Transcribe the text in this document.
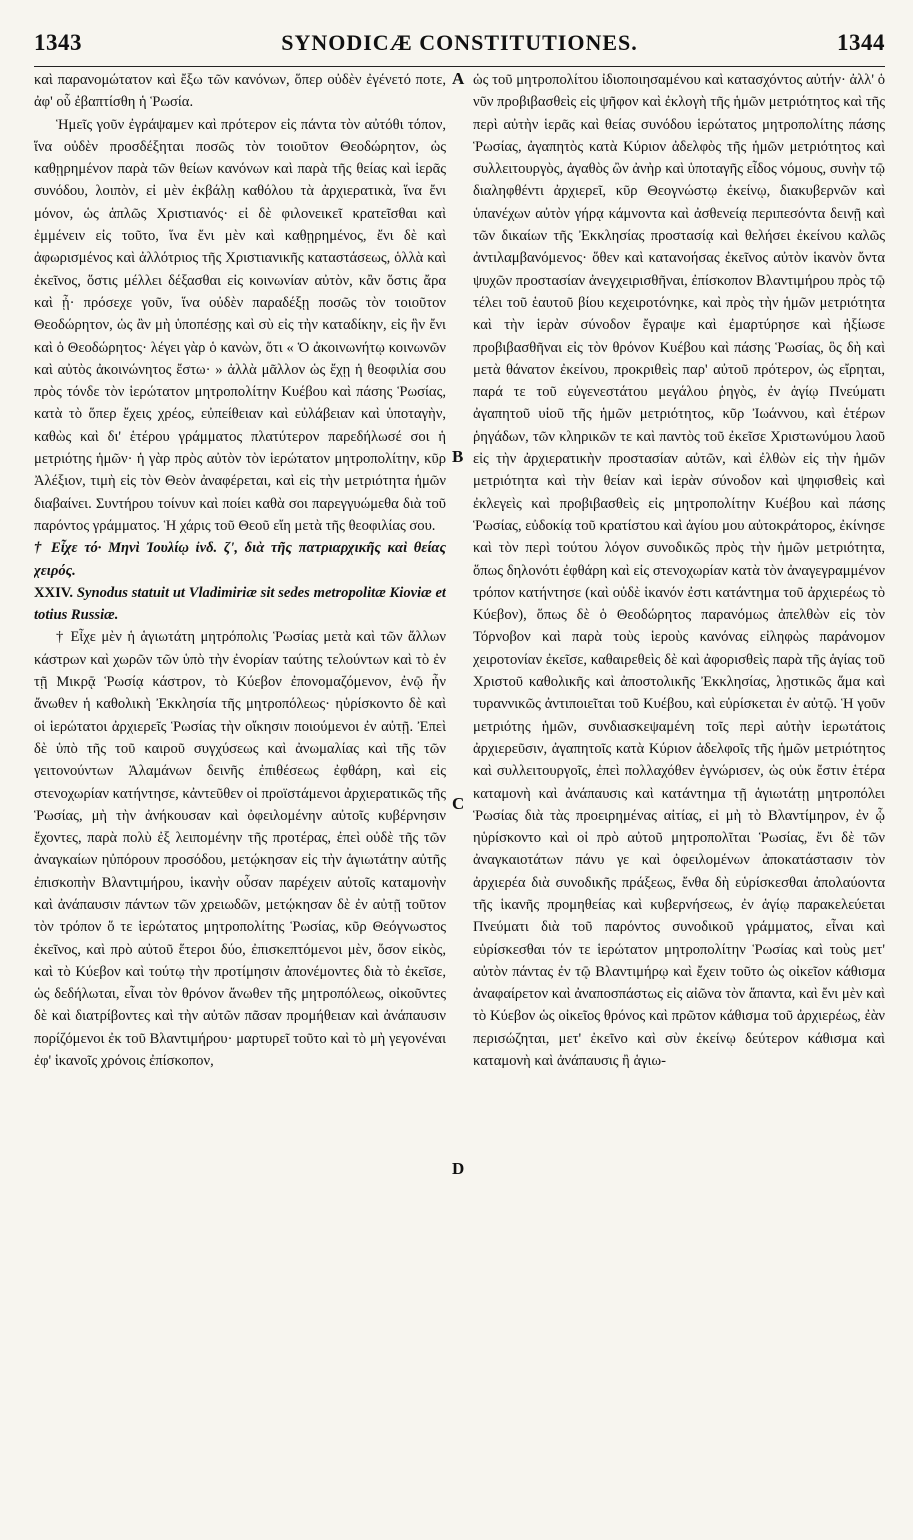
1343	SYNODICÆ CONSTITUTIONES.	1344

καὶ παρανομώτατον καὶ ἔξω τῶν κανόνων, ὅπερ οὐδὲν ἐγένετό ποτε, ἀφ' οὗ ἐβαπτίσθη ἡ Ῥωσία.

Ἡμεῖς γοῦν ἐγράψαμεν καὶ πρότερον εἰς πάντα τὸν αὐτόθι τόπον, ἵνα οὐδὲν προσδέξηται ποσῶς τὸν τοιοῦτον Θεοδώρητον, ὡς καθῃρημένον παρὰ τῶν θείων κανόνων καὶ παρὰ τῆς θείας καὶ ἱερᾶς συνόδου, λοιπὸν, εἰ μὲν ἐκβάλῃ καθόλου τὰ ἀρχιερατικὰ, ἵνα ἔνι μόνον, ὡς ἁπλῶς Χριστιανός· εἰ δὲ φιλονεικεῖ κρατεῖσθαι καὶ ἐμμένειν εἰς τοῦτο, ἵνα ἔνι μὲν καὶ καθῃρημένος, ἔνι δὲ καὶ ἀφωρισμένος καὶ ἀλλότριος τῆς Χριστιανικῆς καταστάσεως, ὁλλὰ καὶ ἐκεῖνος, ὅστις μέλλει δέξασθαι εἰς κοινωνίαν αὐτὸν, κἂν ὅστις ἄρα καὶ ᾖ· πρόσεχε γοῦν, ἵνα οὐδὲν παραδέξῃ ποσῶς τὸν τοιοῦτον Θεοδώρητον, ὡς ἂν μὴ ὑποπέσῃς καὶ σὺ εἰς τὴν καταδίκην, εἰς ἣν ἔνι καὶ ὁ Θεοδώρητος· λέγει γὰρ ὁ κανὼν, ὅτι « Ὁ ἀκοινωνήτῳ κοινωνῶν καὶ αὐτὸς ἀκοινώνητος ἔστω· » ἀλλὰ μᾶλλον ὡς ἔχῃ ἡ θεοφιλία σου πρὸς τόνδε τὸν ἱερώτατον μητροπολίτην Κυέβου καὶ πάσης Ῥωσίας, κατὰ τὸ ὅπερ ἔχεις χρέος, εὐπείθειαν καὶ εὐλάβειαν καὶ ὑποταγὴν, καθὼς καὶ δι' ἑτέρου γράμματος πλατύτερον παρεδήλωσέ σοι ἡ μετριότης ἡμῶν· ἡ γὰρ πρὸς αὐτὸν τὸν ἱερώτατον μητροπολίτην, κῦρ Ἀλέξιον, τιμὴ εἰς τὸν Θεὸν ἀναφέρεται, καὶ εἰς τὴν μετριότητα ἡμῶν διαβαίνει. Συντήρου τοίνυν καὶ ποίει καθὰ σοι παρεγγυώμεθα διὰ τοῦ παρόντος γράμματος. Ἡ χάρις τοῦ Θεοῦ εἴη μετὰ τῆς θεοφιλίας σου.

† Εἶχε τό· Μηνὶ Ἰουλίῳ ἰνδ. ζ', διὰ τῆς πατριαρχικῆς καὶ θείας χειρός.

XXIV. Synodus statuit ut Vladimiriæ sit sedes metropolitæ Kioviæ et totius Russiæ.

† Εἶχε μὲν ἡ ἁγιωτάτη μητρόπολις Ῥωσίας μετὰ καὶ τῶν ἄλλων κάστρων καὶ χωρῶν τῶν ὑπὸ τὴν ἐνορίαν ταύτης τελούντων καὶ τὸ ἐν τῇ Μικρᾷ Ῥωσίᾳ κάστρον, τὸ Κύεβον ἐπονομαζόμενον, ἐνῷ ἦν ἄνωθεν ἡ καθολικὴ Ἐκκλησία τῆς μητροπόλεως· ηὑρίσκοντο δὲ καὶ οἱ ἱερώτατοι ἀρχιερεῖς Ῥωσίας τὴν οἴκησιν ποιούμενοι ἐν αὐτῇ. Ἐπεὶ δὲ ὑπὸ τῆς τοῦ καιροῦ συγχύσεως καὶ ἀνωμαλίας καὶ τῆς τῶν γειτονούντων Ἀλαμάνων δεινῆς ἐπιθέσεως ἐφθάρη, καὶ εἰς στενοχωρίαν κατήντησε, κἀντεῦθεν οἱ προϊστάμενοι ἀρχιερατικῶς τῆς Ῥωσίας, μὴ τὴν ἀνήκουσαν καὶ ὀφειλομένην αὐτοῖς κυβέρνησιν ἔχοντες, παρὰ πολὺ ἐξ λειπομένην τῆς προτέρας, ἐπεὶ οὐδὲ τῆς τῶν ἀναγκαίων ηὐπόρουν προσόδου, μετῴκησαν εἰς τὴν ἁγιωτάτην αὐτῆς ἐπισκοπὴν Βλαντιμήρου, ἱκανὴν οὖσαν παρέχειν αὐτοῖς καταμονὴν καὶ ἀνάπαυσιν πάντων τῶν χρειωδῶν, μετῴκησαν δὲ ἐν αὐτῇ τοῦτον τὸν τρόπον ὅ τε ἱερώτατος μητροπολίτης Ῥωσίας, κῦρ Θεόγνωστος ἐκεῖνος, καὶ πρὸ αὐτοῦ ἕτεροι δύο, ἐπισκεπτόμενοι μὲν, ὅσον εἰκὸς, καὶ τὸ Κύεβον καὶ τούτῳ τὴν προτίμησιν ἀπονέμοντες διὰ τὸ ἐκεῖσε, ὡς δεδήλωται, εἶναι τὸν θρόνον ἄνωθεν τῆς μητροπόλεως, οἰκοῦντες δὲ καὶ διατρίβοντες καὶ τὴν αὐτῶν πᾶσαν προμήθειαν καὶ ἀνάπαυσιν πορίζόμενοι ἐκ τοῦ Βλαντιμήρου· μαρτυρεῖ τοῦτο καὶ τὸ μὴ γεγονέναι ἐφ' ἱκανοῖς χρόνοις ἐπίσκοπον,

A
B
C
D

ὡς τοῦ μητροπολίτου ἰδιοποιησαμένου καὶ κατασχόντος αὐτήν· ἀλλ' ὁ νῦν προβιβασθεὶς εἰς ψῆφον καὶ ἐκλογὴ τῆς ἡμῶν μετριότητος καὶ τῆς περὶ αὐτὴν ἱερᾶς καὶ θείας συνόδου ἱερώτατος μητροπολίτης πάσης Ῥωσίας, ἀγαπητὸς κατὰ Κύριον ἀδελφὸς τῆς ἡμῶν μετριότητος καὶ συλλειτουργὸς, ἀγαθὸς ὢν ἀνὴρ καὶ ὑποταγῆς εἶδος νόμους, συνὴν τῷ διαληφθέντι ἀρχιερεῖ, κῦρ Θεογνώστῳ ἐκείνῳ, διακυβερνῶν καὶ ὑπανέχων αὐτὸν γήρᾳ κάμνοντα καὶ ἀσθενείᾳ περιπεσόντα δεινῇ καὶ τῶν δικαίων τῆς Ἐκκλησίας προστασίᾳ καὶ θελήσει ἐκείνου καλῶς ἀντιλαμβανόμενος· ὅθεν καὶ κατανοήσας ἐκεῖνος αὐτὸν ἱκανὸν ὄντα ψυχῶν προστασίαν ἀνεγχειρισθῆναι, ἐπίσκοπον Βλαντιμήρου πρὸς τῷ τέλει τοῦ ἑαυτοῦ βίου κεχειροτόνηκε, καὶ πρὸς τὴν ἡμῶν μετριότητα καὶ τὴν ἱερὰν σύνοδον ἔγραψε καὶ ἐμαρτύρησε καὶ ἠξίωσε προβιβασθῆναι εἰς τὸν θρόνον Κυέβου καὶ πάσης Ῥωσίας, ὃς δὴ καὶ μετὰ θάνατον ἐκείνου, προκριθεὶς παρ' αὐτοῦ πρότερον, ὡς εἴρηται, παρά τε τοῦ εὐγενεστάτου μεγάλου ῥηγὸς, ἐν ἁγίῳ Πνεύματι ἀγαπητοῦ υἱοῦ τῆς ἡμῶν μετριότητος, κῦρ Ἰωάννου, καὶ ἑτέρων ῥηγάδων, τῶν κληρικῶν τε καὶ παντὸς τοῦ ἐκεῖσε Χριστωνύμου λαοῦ εἰς τὴν ἀρχιερατικὴν προστασίαν αὐτῶν, καὶ ἐλθὼν εἰς τὴν ἡμῶν μετριότητα καὶ τὴν θείαν καὶ ἱερὰν σύνοδον καὶ ψηφισθεὶς καὶ ἐκλεγεὶς καὶ προβιβασθεὶς εἰς μητροπολίτην Κυέβου καὶ πάσης Ῥωσίας, εὐδοκίᾳ τοῦ κρατίστου καὶ ἁγίου μου αὐτοκράτορος, ἐκίνησε καὶ τὸν περὶ τούτου λόγον συνοδικῶς πρὸς τὴν ἡμῶν μετριότητα, ὅπως δηλονότι ἐφθάρη καὶ εἰς στενοχωρίαν κατὰ τὸν ἀναγεγραμμένον τρόπον κατήντησε (καὶ οὐδὲ ἱκανόν ἐστι κατάντημα τοῦ ἀρχιερέως τὸ Κύεβον), ὅπως δὲ ὁ Θεοδώρητος παρανόμως ἀπελθὼν εἰς τὸν Τόρνοβον καὶ παρὰ τοὺς ἱεροὺς κανόνας εἰληφὼς παράνομον χειροτονίαν ἐκεῖσε, καθαιρεθεὶς δὲ καὶ ἀφορισθεὶς παρὰ τῆς ἁγίας τοῦ Χριστοῦ καθολικῆς καὶ ἀποστολικῆς Ἐκκλησίας, λῃστικῶς ἅμα καὶ τυραννικῶς ἀντιποιεῖται τοῦ Κυέβου, καὶ εὑρίσκεται ἐν αὐτῷ. Ἡ γοῦν μετριότης ἡμῶν, συνδιασκεψαμένη τοῖς περὶ αὐτὴν ἱερωτάτοις ἀρχιερεῦσιν, ἀγαπητοῖς κατὰ Κύριον ἀδελφοῖς τῆς ἡμῶν μετριότητος καὶ συλλειτουργοῖς, ἐπεὶ πολλαχόθεν ἐγνώρισεν, ὡς οὐκ ἔστιν ἑτέρα καταμονὴ καὶ ἀνάπαυσις καὶ κατάντημα τῇ ἁγιωτάτῃ μητροπόλει Ῥωσίας διὰ τὰς προειρημένας αἰτίας, εἰ μὴ τὸ Βλαντίμηρον, ἐν ᾧ ηὑρίσκοντο καὶ οἱ πρὸ αὐτοῦ μητροπολῖται Ῥωσίας, ἔνι δὲ τῶν ἀναγκαιοτάτων πάνυ γε καὶ ὀφειλομένων ἀποκατάστασιν τὸν ἀρχιερέα διὰ συνοδικῆς πράξεως, ἔνθα δὴ εὑρίσκεσθαι ἀπολαύοντα τῆς ἱκανῆς προμηθείας καὶ κυβερνήσεως, ἐν ἁγίῳ παρακελεύεται Πνεύματι διὰ τοῦ παρόντος συνοδικοῦ γράμματος, εἶναι καὶ εὑρίσκεσθαι τόν τε ἱερώτατον μητροπολίτην Ῥωσίας καὶ τοὺς μετ' αὐτὸν πάντας ἐν τῷ Βλαντιμήρῳ καὶ ἔχειν τοῦτο ὡς οἰκεῖον κάθισμα ἀναφαίρετον καὶ ἀναποσπάστως εἰς αἰῶνα τὸν ἅπαντα, καὶ ἔνι μὲν καὶ τὸ Κύεβον ὡς οἰκεῖος θρόνος καὶ πρῶτον κάθισμα τοῦ ἀρχιερέως, ἐὰν περισώζηται, μετ' ἐκεῖνο καὶ σὺν ἐκείνῳ δεύτερον κάθισμα καὶ καταμονὴ καὶ ἀνάπαυσις ἢ ἁγιω-
